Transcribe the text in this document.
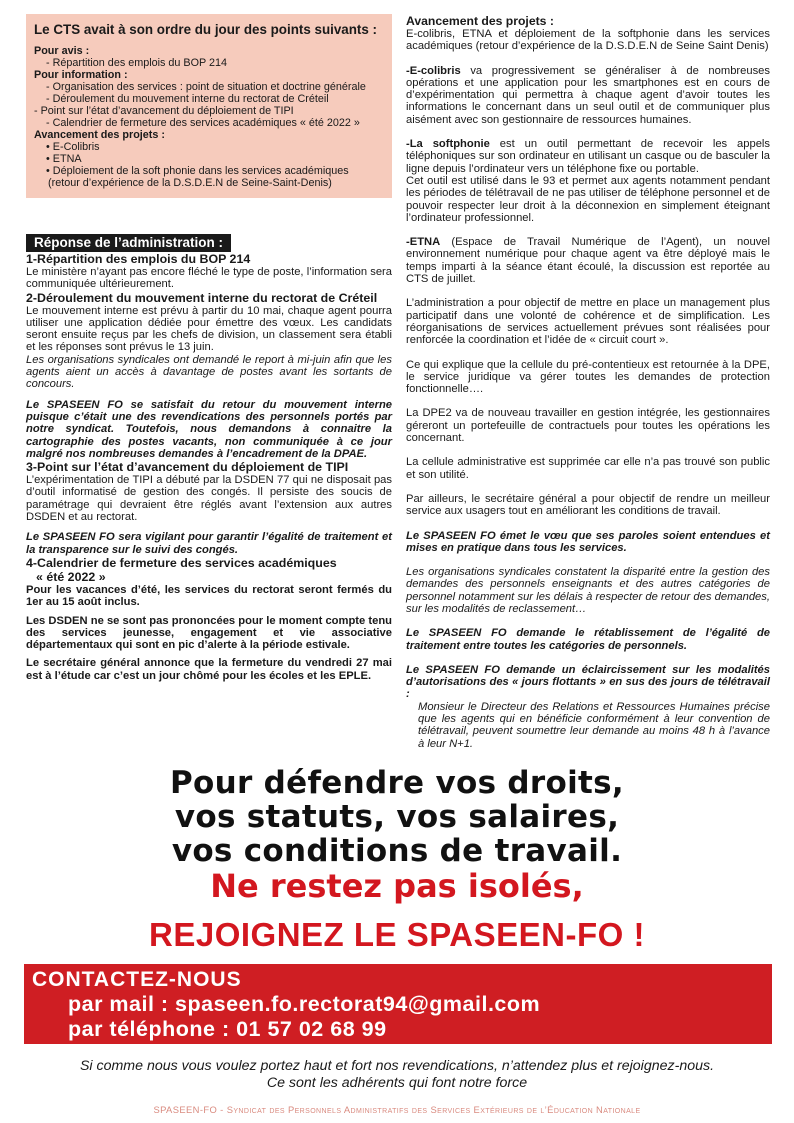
Le CTS avait à son ordre du jour des points suivants :

Pour avis :

- Répartition des emplois du BOP 214

Pour information :

- Organisation des services : point de situation et doctrine générale

- Déroulement du mouvement interne du rectorat de Créteil

- Point sur l’état d’avancement du déploiement de TIPI

- Calendrier de fermeture des services académiques « été 2022 »

Avancement des projets :

• E-Colibris

• ETNA

• Déploiement de la soft phonie dans les services académiques

(retour d’expérience de la D.S.D.E.N de Seine-Saint-Denis)

Réponse de l’administration :

1-Répartition des emplois du BOP 214

Le ministère n’ayant pas encore fléché le type de poste, l’information sera communiquée ultérieurement.

2-Déroulement du mouvement interne du rectorat de Créteil

Le mouvement interne est prévu à partir du 10 mai, chaque agent pourra utiliser une application dédiée pour émettre des vœux. Les candidats seront ensuite reçus par les chefs de division, un classement sera établi et les réponses sont prévus le 13 juin.

Les organisations syndicales ont demandé le report à mi-juin afin que les agents aient un accès à davantage de postes avant les sortants de concours.

Le SPASEEN FO se satisfait du retour du mouvement interne puisque c’était une des revendications des personnels portés par notre syndicat. Toutefois, nous demandons à connaitre la cartographie des postes vacants, non communiquée à ce jour malgré nos nombreuses demandes à l’encadrement de la DPAE.

3-Point sur l’état d’avancement du déploiement de TIPI

L’expérimentation de TIPI a débuté par la DSDEN 77 qui ne disposait pas d’outil informatisé de gestion des congés. Il persiste des soucis de paramétrage qui devraient être réglés avant l’extension aux autres DSDEN et au rectorat.

Le SPASEEN FO sera vigilant pour garantir l’égalité de traitement et la transparence sur le suivi des congés.

4-Calendrier de fermeture des services académiques

« été 2022 »

Pour les vacances d’été, les services du rectorat seront fermés du 1er au 15 août inclus.

Les DSDEN ne se sont pas prononcées pour le moment compte tenu des services jeunesse, engagement et vie associative départementaux qui sont en pic d’alerte à la période estivale.

Le secrétaire général annonce que la fermeture du vendredi 27 mai est à l’étude car c’est un jour chômé pour les écoles et les EPLE.

Avancement des projets :

E-colibris, ETNA et déploiement de la softphonie dans les services académiques (retour d’expérience de la D.S.D.E.N de Seine Saint Denis)

-E-colibris va progressivement se généraliser à de nombreuses opérations et une application pour les smartphones est en cours de d’expérimentation qui permettra à chaque agent d’avoir toutes les informations le concernant dans un seul outil et de communiquer plus aisément avec son gestionnaire de ressources humaines.

-La softphonie est un outil permettant de recevoir les appels téléphoniques sur son ordinateur en utilisant un casque ou de basculer la ligne depuis l’ordinateur vers un téléphone fixe ou portable.

Cet outil est utilisé dans le 93 et permet aux agents notamment pendant les périodes de télétravail de ne pas utiliser de téléphone personnel et de pouvoir respecter leur droit à la déconnexion en simplement éteignant l’ordinateur professionnel.

-ETNA (Espace de Travail Numérique de l’Agent), un nouvel environnement numérique pour chaque agent va être déployé mais le temps imparti à la séance étant écoulé, la discussion est reportée au CTS de juillet.

L’administration a pour objectif de mettre en place un management plus participatif dans une volonté de cohérence et de simplification. Les réorganisations de services actuellement prévues sont réalisées pour renforcée la coordination et l’idée de « circuit court ».

Ce qui explique que la cellule du pré-contentieux est retournée à la DPE, le service juridique va gérer toutes les demandes de protection fonctionnelle….

La DPE2 va de nouveau travailler en gestion intégrée, les gestionnaires géreront un portefeuille de contractuels pour toutes les opérations les concernant.

La cellule administrative est supprimée car elle n’a pas trouvé son public et son utilité.

Par ailleurs, le secrétaire général a pour objectif de rendre un meilleur service aux usagers tout en améliorant les conditions de travail.

Le SPASEEN FO émet le vœu que ses paroles soient entendues et mises en pratique dans tous les services.

Les organisations syndicales constatent la disparité entre la gestion des demandes des personnels enseignants et des autres catégories de personnel notamment sur les délais à respecter de retour des demandes, sur les modalités de reclassement…

Le SPASEEN FO demande le rétablissement de l’égalité de traitement entre toutes les catégories de personnels.

Le SPASEEN FO demande un éclaircissement sur les modalités d’autorisations des « jours flottants » en sus des jours de télétravail :

Monsieur le Directeur des Relations et Ressources Humaines précise que les agents qui en bénéficie conformément à leur convention de télétravail, peuvent soumettre leur demande au moins 48 h à l’avance à leur N+1.

Pour défendre vos droits,
vos statuts, vos salaires,
vos conditions de travail.
Ne restez pas isolés,
REJOIGNEZ LE SPASEEN-FO !
CONTACTEZ-NOUS
par mail : spaseen.fo.rectorat94@gmail.com
par téléphone : 01 57 02 68 99
Si comme nous vous voulez portez haut et fort nos revendications, n’attendez plus et rejoignez-nous.
Ce sont les adhérents qui font notre force
SPASEEN-FO - Syndicat des Personnels Administratifs des Services Extérieurs de l’Éducation Nationale
